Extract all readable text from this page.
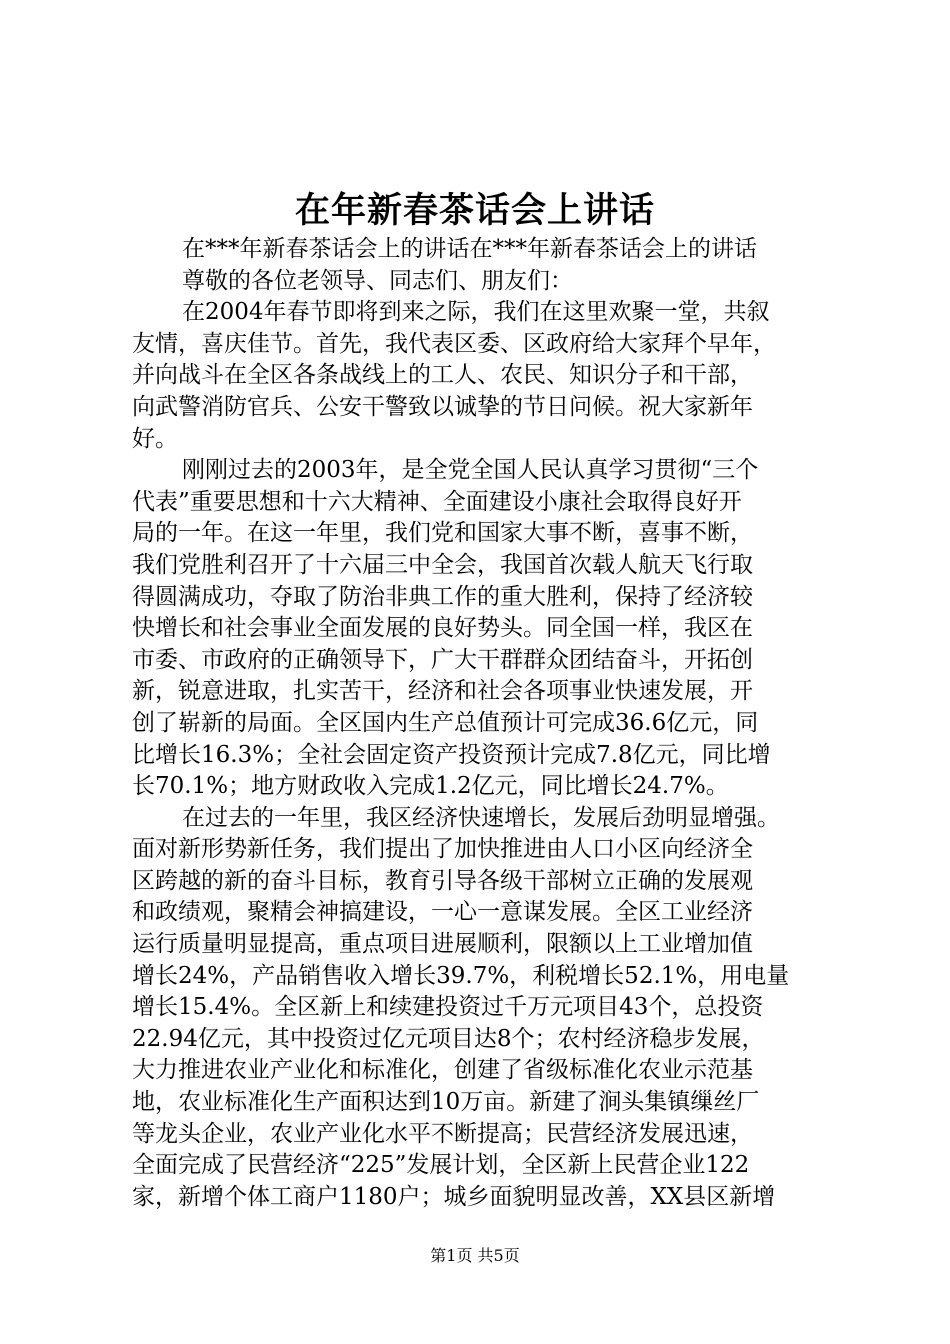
在年新春茶话会上讲话
在***年新春茶话会上的讲话在***年新春茶话会上的讲话
尊敬的各位老领导、同志们、朋友们：
在2004年春节即将到来之际，我们在这里欢聚一堂，共叙
友情，喜庆佳节。首先，我代表区委、区政府给大家拜个早年，
并向战斗在全区各条战线上的工人、农民、知识分子和干部，
向武警消防官兵、公安干警致以诚挚的节日问候。祝大家新年
好。
刚刚过去的2003年，是全党全国人民认真学习贯彻“三个
代表”重要思想和十六大精神、全面建设小康社会取得良好开
局的一年。在这一年里，我们党和国家大事不断，喜事不断，
我们党胜利召开了十六届三中全会，我国首次载人航天飞行取
得圆满成功，夺取了防治非典工作的重大胜利，保持了经济较
快增长和社会事业全面发展的良好势头。同全国一样，我区在
市委、市政府的正确领导下，广大干群群众团结奋斗，开拓创
新，锐意进取，扎实苦干，经济和社会各项事业快速发展，开
创了崭新的局面。全区国内生产总值预计可完成36.6亿元，同
比增长16.3%；全社会固定资产投资预计完成7.8亿元，同比增
长70.1%；地方财政收入完成1.2亿元，同比增长24.7%。
在过去的一年里，我区经济快速增长，发展后劲明显增强。
面对新形势新任务，我们提出了加快推进由人口小区向经济全
区跨越的新的奋斗目标，教育引导各级干部树立正确的发展观
和政绩观，聚精会神搞建设，一心一意谋发展。全区工业经济
运行质量明显提高，重点项目进展顺利，限额以上工业增加值
增长24%，产品销售收入增长39.7%，利税增长52.1%，用电量
增长15.4%。全区新上和续建投资过千万元项目43个，总投资
22.94亿元，其中投资过亿元项目达8个；农村经济稳步发展，
大力推进农业产业化和标准化，创建了省级标准化农业示范基
地，农业标准化生产面积达到10万亩。新建了涧头集镇缫丝厂
等龙头企业，农业产业化水平不断提高；民营经济发展迅速，
全面完成了民营经济“225”发展计划，全区新上民营企业122
家，新增个体工商户1180户；城乡面貌明显改善，XX县区新增
第1页 共5页
